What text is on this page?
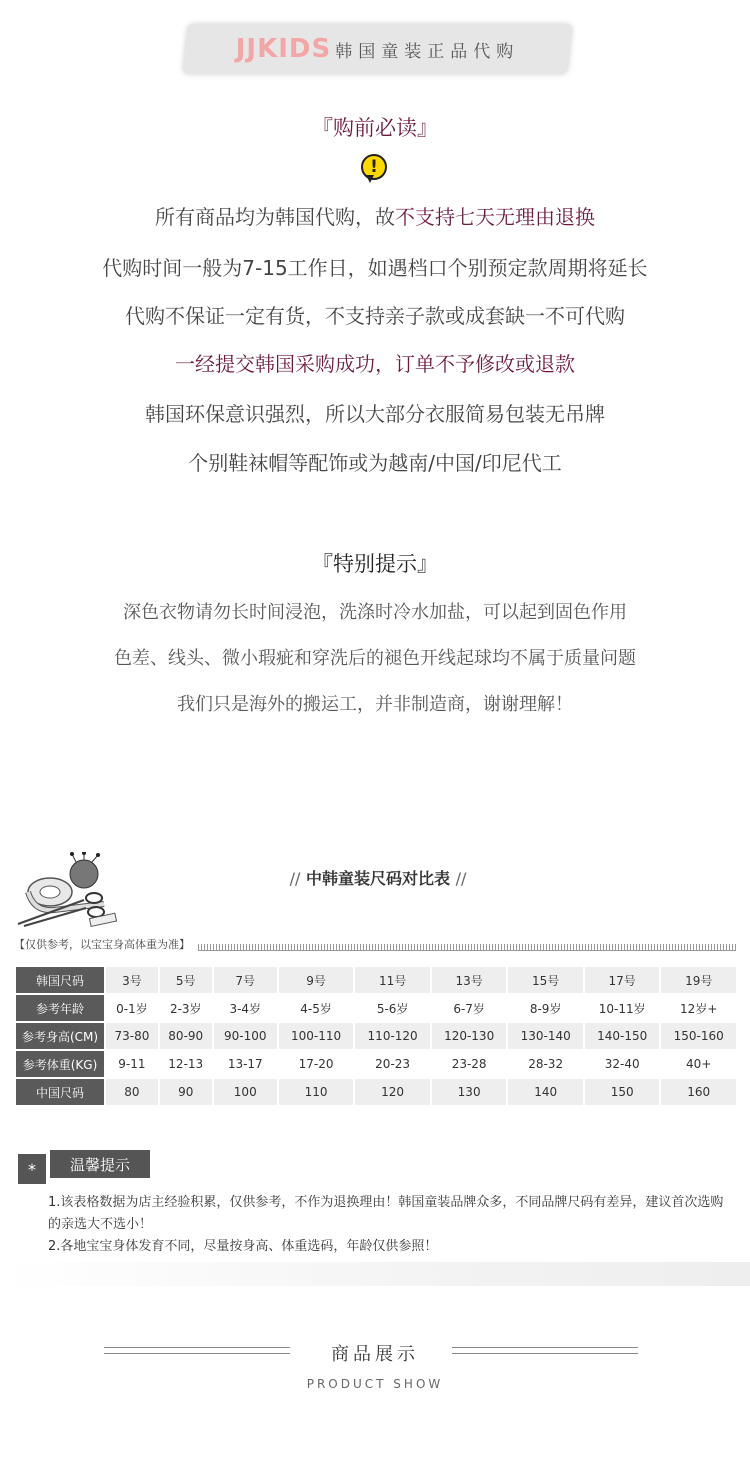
JJKIDS 韩国童装正品代购
『购前必读』
!
所有商品均为韩国代购，故不支持七天无理由退换
代购时间一般为7-15工作日，如遇档口个别预定款周期将延长
代购不保证一定有货，不支持亲子款或成套缺一不可代购
一经提交韩国采购成功，订单不予修改或退款
韩国环保意识强烈，所以大部分衣服简易包装无吊牌
个别鞋袜帽等配饰或为越南/中国/印尼代工
『特别提示』
深色衣物请勿长时间浸泡，洗涤时冷水加盐，可以起到固色作用
色差、线头、微小瑕疵和穿洗后的褪色开线起球均不属于质量问题
我们只是海外的搬运工，并非制造商，谢谢理解！
// 中韩童装尺码对比表 //
【仅供参考，以宝宝身高体重为准】
韩国尺码	3号	5号	7号	9号	11号	13号	15号	17号	19号
参考年龄	0-1岁	2-3岁	3-4岁	4-5岁	5-6岁	6-7岁	8-9岁	10-11岁	12岁+
参考身高(CM)	73-80	80-90	90-100	100-110	110-120	120-130	130-140	140-150	150-160
参考体重(KG)	9-11	12-13	13-17	17-20	20-23	23-28	28-32	32-40	40+
中国尺码	80	90	100	110	120	130	140	150	160
*	温馨提示
1.该表格数据为店主经验积累，仅供参考，不作为退换理由！韩国童装品牌众多，不同品牌尺码有差异，建议首次选购的亲选大不选小！
2.各地宝宝身体发育不同，尽量按身高、体重选码，年龄仅供参照！
商品展示
PRODUCT SHOW
